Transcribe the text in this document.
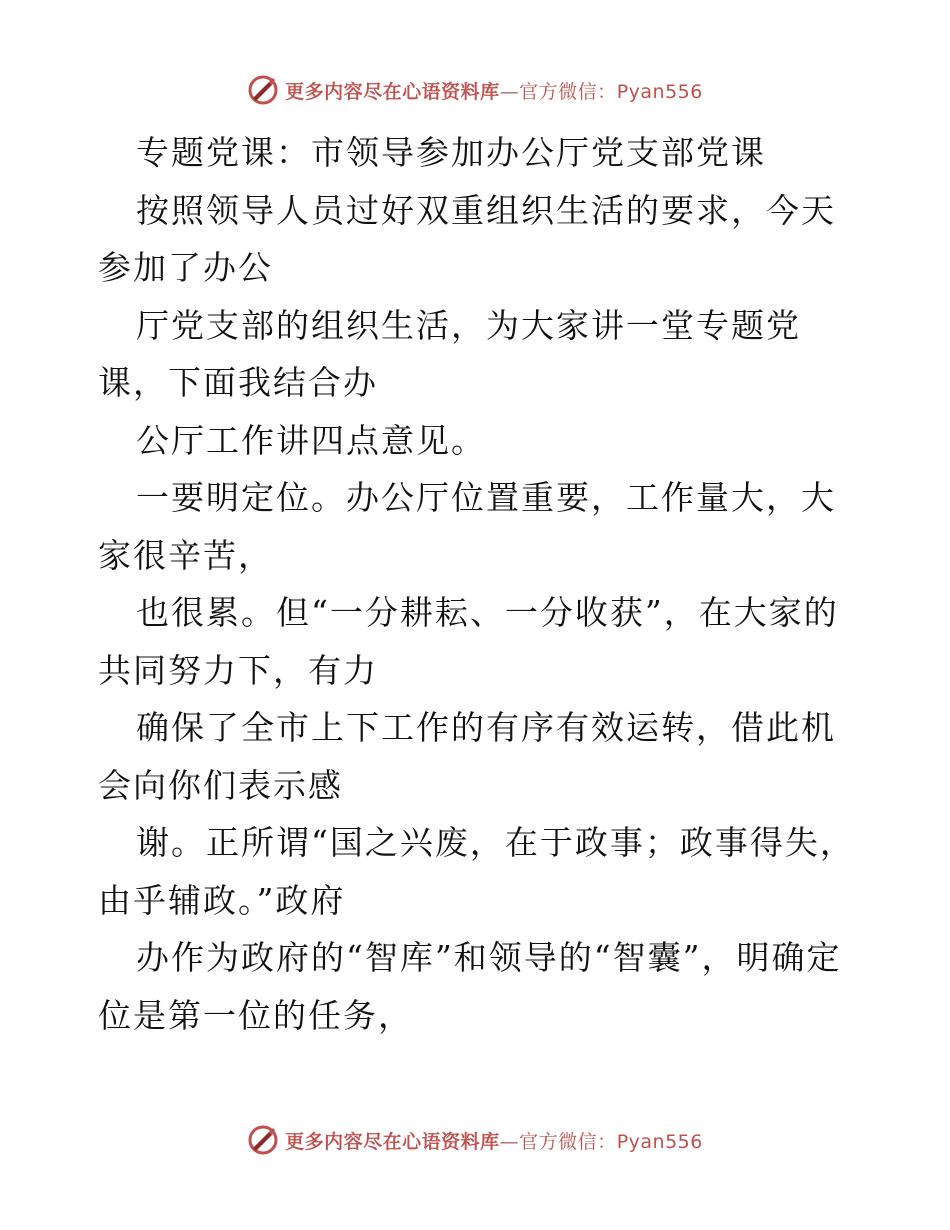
更多内容尽在心语资料库—官方微信：Pyan556

专题党课：市领导参加办公厅党支部党课

按照领导人员过好双重组织生活的要求，今天参加了办公

厅党支部的组织生活，为大家讲一堂专题党课，下面我结合办

公厅工作讲四点意见。

一要明定位。办公厅位置重要，工作量大，大家很辛苦，

也很累。但“一分耕耘、一分收获”，在大家的共同努力下，有力

确保了全市上下工作的有序有效运转，借此机会向你们表示感

谢。正所谓“国之兴废，在于政事；政事得失，由乎辅政。”政府

办作为政府的“智库”和领导的“智囊”，明确定位是第一位的任务，

更多内容尽在心语资料库—官方微信：Pyan556
